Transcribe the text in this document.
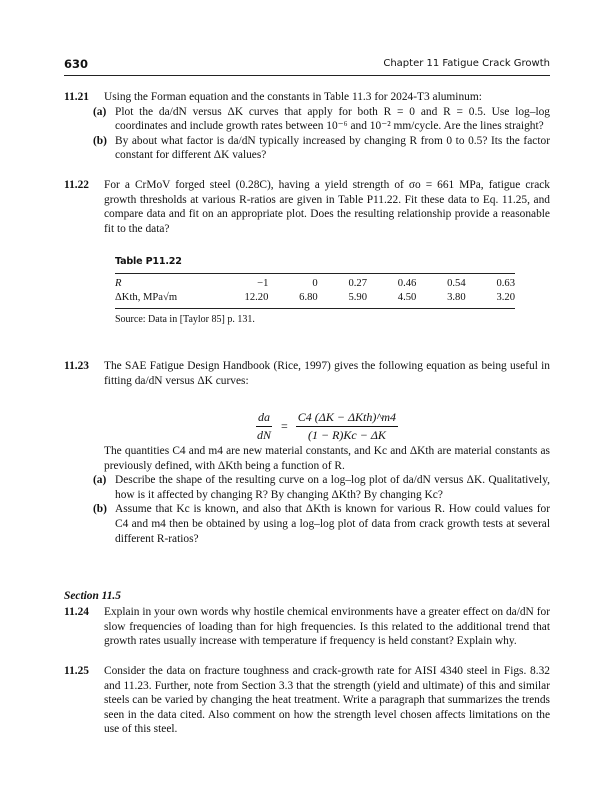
630	Chapter 11 Fatigue Crack Growth
11.21 Using the Forman equation and the constants in Table 11.3 for 2024-T3 aluminum:
(a) Plot the da/dN versus ΔK curves that apply for both R = 0 and R = 0.5. Use log–log coordinates and include growth rates between 10⁻⁶ and 10⁻² mm/cycle. Are the lines straight?
(b) By about what factor is da/dN typically increased by changing R from 0 to 0.5? Its the factor constant for different ΔK values?
11.22 For a CrMoV forged steel (0.28C), having a yield strength of σo = 661 MPa, fatigue crack growth thresholds at various R-ratios are given in Table P11.22. Fit these data to Eq. 11.25, and compare data and fit on an appropriate plot. Does the resulting relationship provide a reasonable fit to the data?
Table P11.22
R	−1	0	0.27	0.46	0.54	0.63
ΔKth, MPa√m	12.20	6.80	5.90	4.50	3.80	3.20
Source: Data in [Taylor 85] p. 131.
11.23 The SAE Fatigue Design Handbook (Rice, 1997) gives the following equation as being useful in fitting da/dN versus ΔK curves:
$\frac{da}{dN} = \frac{\text{C4 (ΔK − ΔKth)\textasciicircum{}m4}}{(1 - R)Kc - \Delta K}$
The quantities C4 and m4 are new material constants, and Kc and ΔKth are material constants as previously defined, with ΔKth being a function of R.
(a) Describe the shape of the resulting curve on a log–log plot of da/dN versus ΔK. Qualitatively, how is it affected by changing R? By changing ΔKth? By changing Kc?
(b) Assume that Kc is known, and also that ΔKth is known for various R. How could values for C4 and m4 then be obtained by using a log–log plot of data from crack growth tests at several different R-ratios?
Section 11.5
11.24 Explain in your own words why hostile chemical environments have a greater effect on da/dN for slow frequencies of loading than for high frequencies. Is this related to the additional trend that growth rates usually increase with temperature if frequency is held constant? Explain why.
11.25 Consider the data on fracture toughness and crack-growth rate for AISI 4340 steel in Figs. 8.32 and 11.23. Further, note from Section 3.3 that the strength (yield and ultimate) of this and similar steels can be varied by changing the heat treatment. Write a paragraph that summarizes the trends seen in the data cited. Also comment on how the strength level chosen affects limitations on the use of this steel.
